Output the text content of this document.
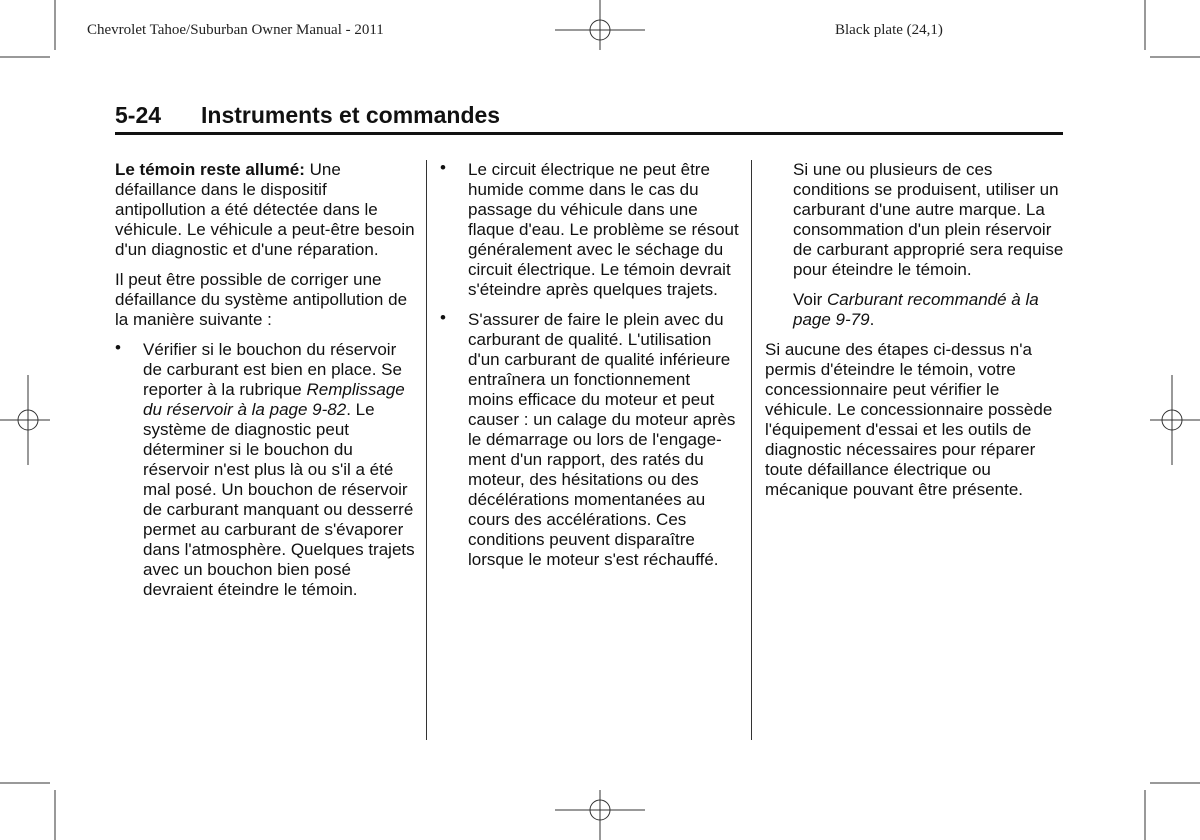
Chevrolet Tahoe/Suburban Owner Manual - 2011	Black plate (24,1)
5-24 Instruments et commandes

Le témoin reste allumé: Une défaillance dans le dispositif antipollution a été détectée dans le véhicule. Le véhicule a peut-être besoin d'un diagnostic et d'une réparation.

Il peut être possible de corriger une défaillance du système antipollution de la manière suivante :

• Vérifier si le bouchon du réservoir de carburant est bien en place. Se reporter à la rubrique Remplissage du réservoir à la page 9-82. Le système de diagnostic peut déterminer si le bouchon du réservoir n'est plus là ou s'il a été mal posé. Un bouchon de réservoir de carburant manquant ou desserré permet au carburant de s'évaporer dans l'atmosphère. Quelques trajets avec un bouchon bien posé devraient éteindre le témoin.
• Le circuit électrique ne peut être humide comme dans le cas du passage du véhicule dans une flaque d'eau. Le problème se résout généralement avec le séchage du circuit électrique. Le témoin devrait s'éteindre après quelques trajets.
• S'assurer de faire le plein avec du carburant de qualité. L'utilisation d'un carburant de qualité inférieure entraînera un fonctionnement moins efficace du moteur et peut causer : un calage du moteur après le démarrage ou lors de l'engage-ment d'un rapport, des ratés du moteur, des hésitations ou des décélérations momentanées au cours des accélérations. Ces conditions peuvent disparaître lorsque le moteur s'est réchauffé.

Si une ou plusieurs de ces conditions se produisent, utiliser un carburant d'une autre marque. La consommation d'un plein réservoir de carburant approprié sera requise pour éteindre le témoin.

Voir Carburant recommandé à la page 9-79.

Si aucune des étapes ci-dessus n'a permis d'éteindre le témoin, votre concessionnaire peut vérifier le véhicule. Le concessionnaire possède l'équipement d'essai et les outils de diagnostic nécessaires pour réparer toute défaillance électrique ou mécanique pouvant être présente.
